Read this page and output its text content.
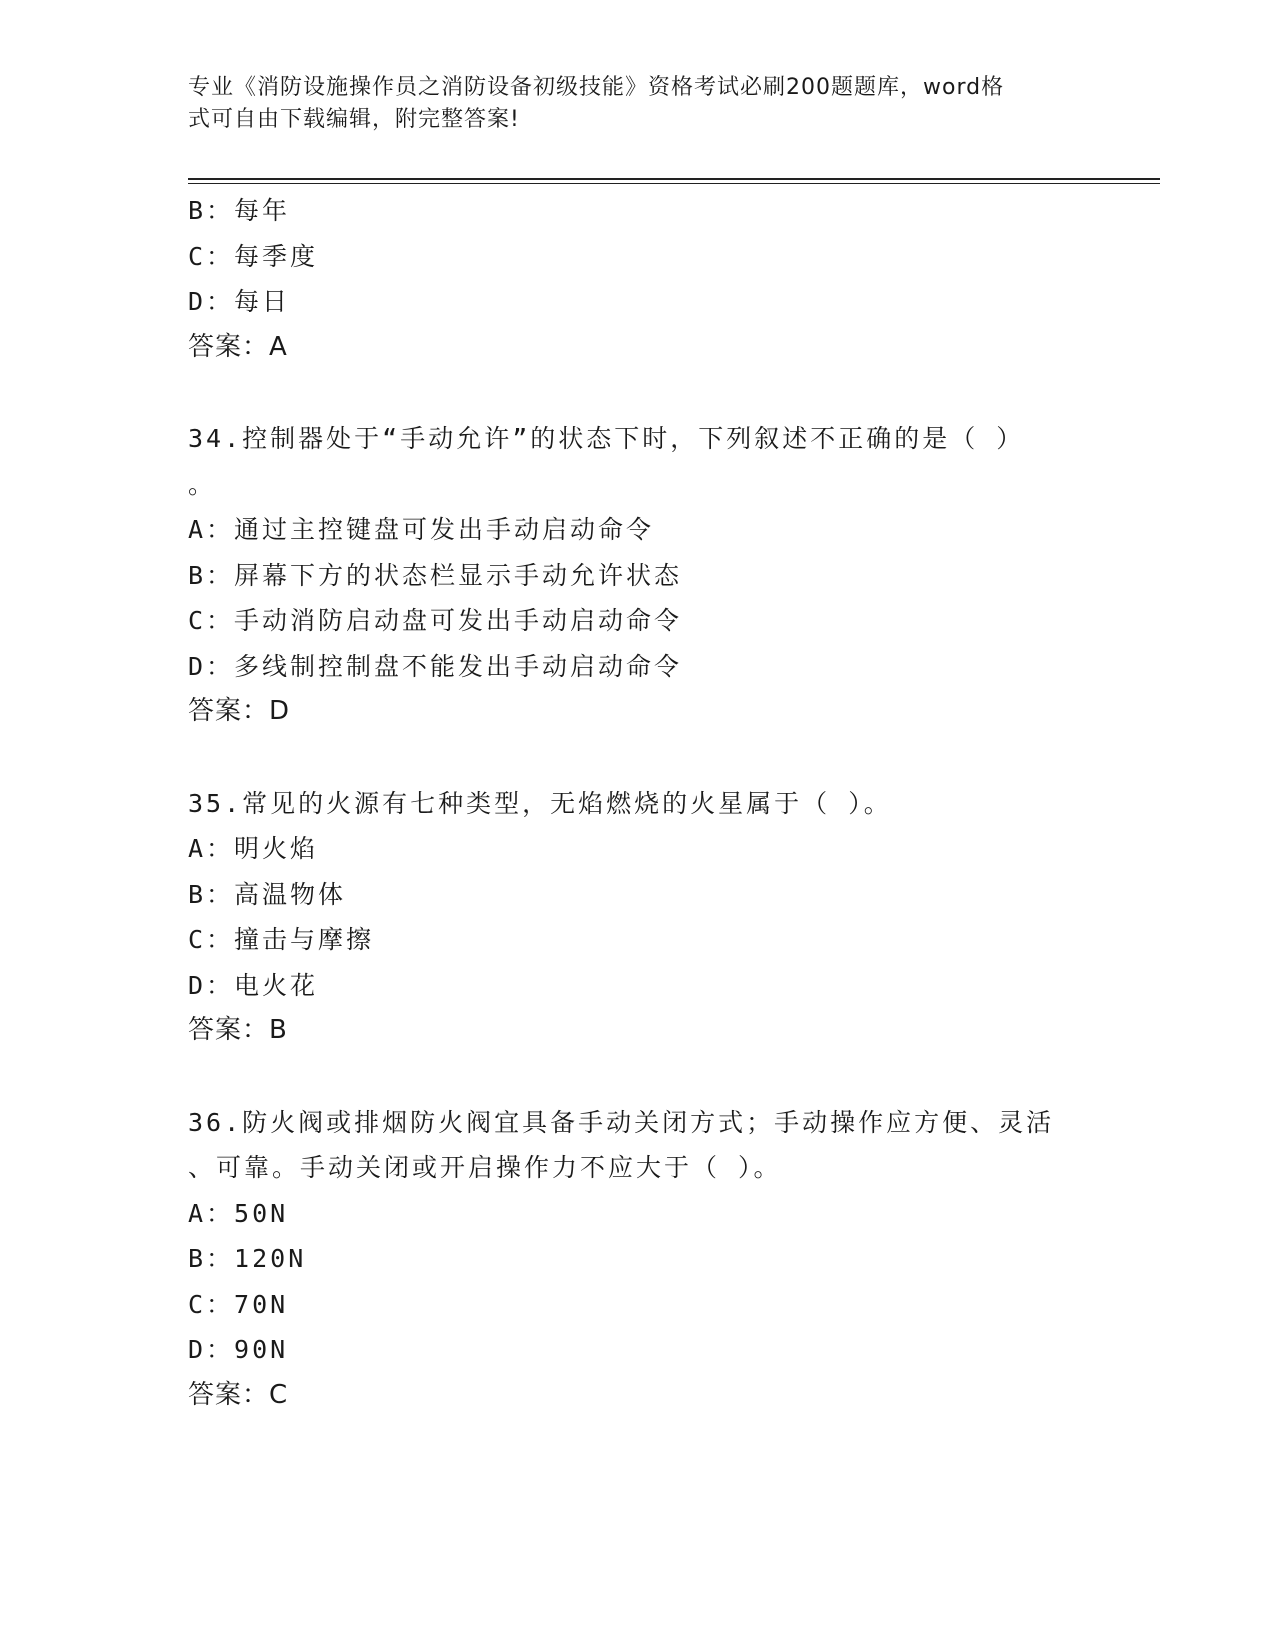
专业《消防设施操作员之消防设备初级技能》资格考试必刷200题题库，word格
式可自由下载编辑，附完整答案!
B：每年
C：每季度
D：每日
答案：A
34.控制器处于“手动允许”的状态下时，下列叙述不正确的是（ ）
。
A：通过主控键盘可发出手动启动命令
B：屏幕下方的状态栏显示手动允许状态
C：手动消防启动盘可发出手动启动命令
D：多线制控制盘不能发出手动启动命令
答案：D
35.常见的火源有七种类型，无焰燃烧的火星属于（ ）。
A：明火焰
B：高温物体
C：撞击与摩擦
D：电火花
答案：B
36.防火阀或排烟防火阀宜具备手动关闭方式；手动操作应方便、灵活
、可靠。手动关闭或开启操作力不应大于（ ）。
A：50N
B：120N
C：70N
D：90N
答案：C
